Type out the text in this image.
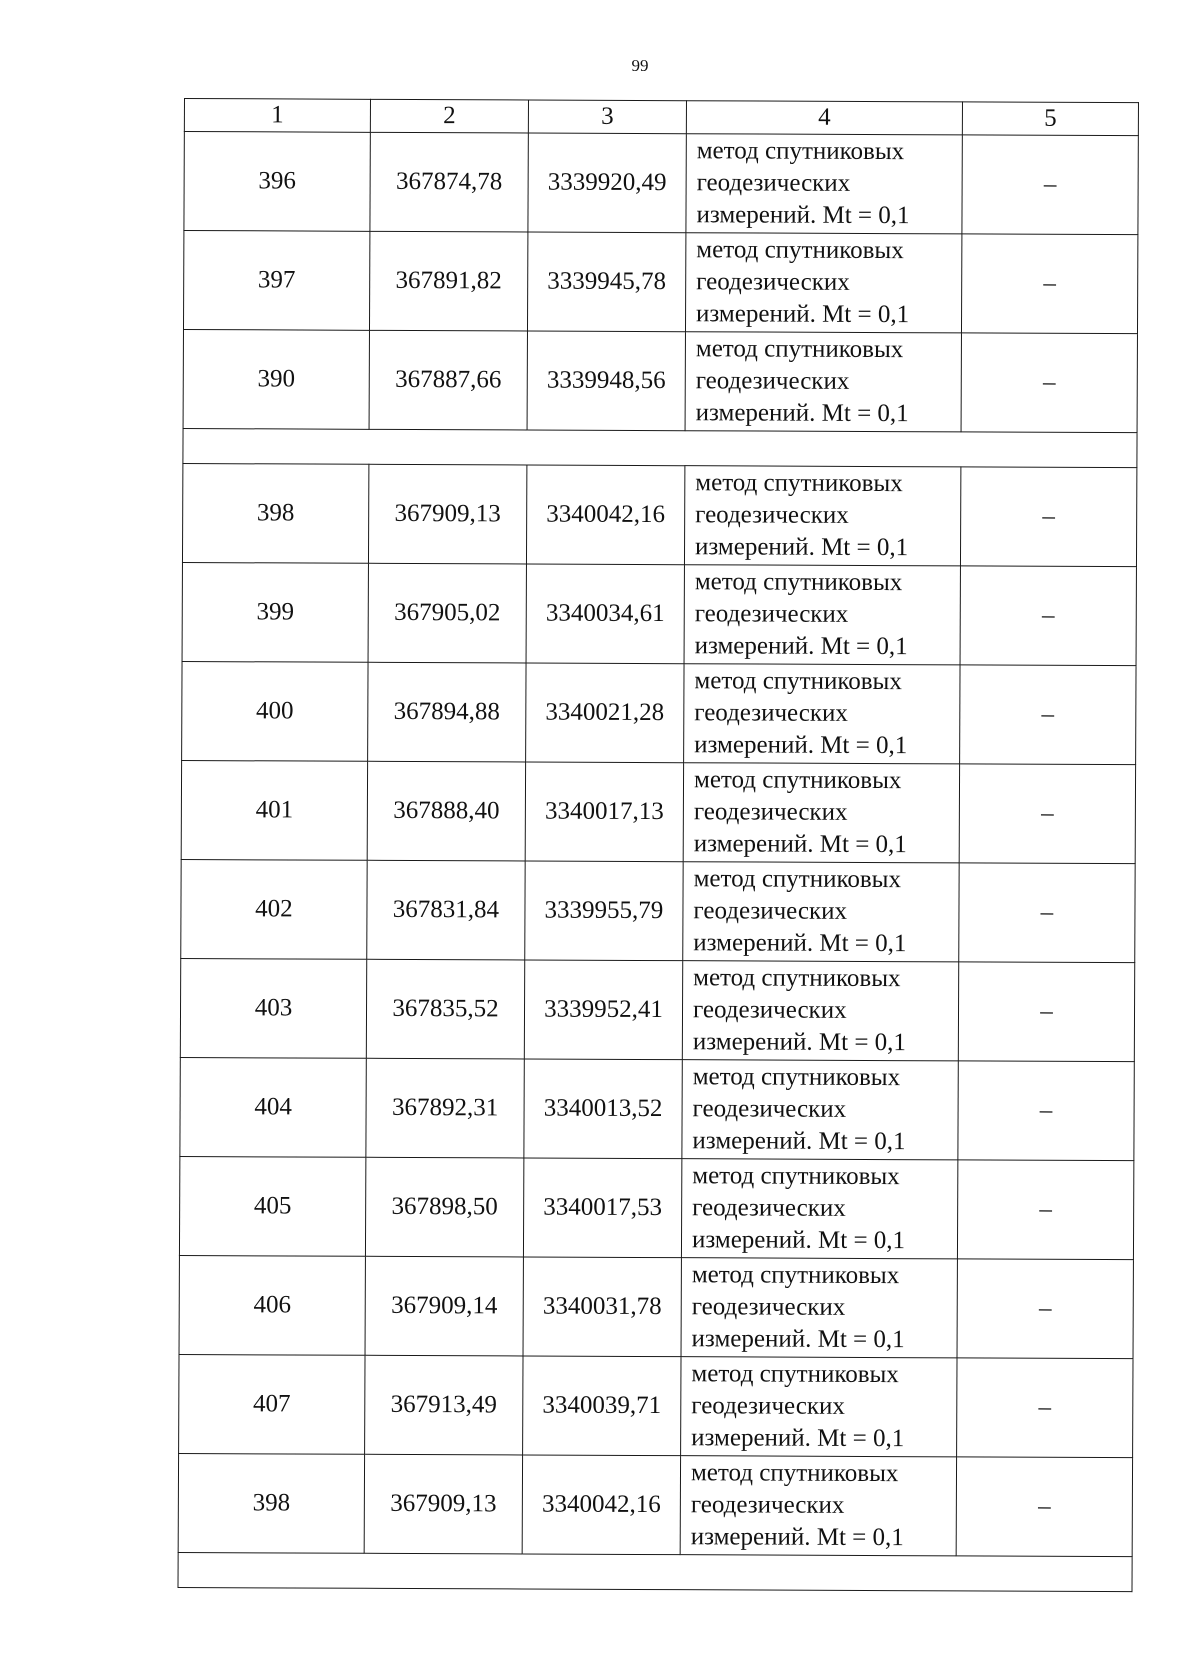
99
1	2	3	4	5
396	367874,78	3339920,49	метод спутниковых
геодезических
измерений. Mt = 0,1	–
397	367891,82	3339945,78	метод спутниковых
геодезических
измерений. Mt = 0,1	–
390	367887,66	3339948,56	метод спутниковых
геодезических
измерений. Mt = 0,1	–

398	367909,13	3340042,16	метод спутниковых
геодезических
измерений. Mt = 0,1	–
399	367905,02	3340034,61	метод спутниковых
геодезических
измерений. Mt = 0,1	–
400	367894,88	3340021,28	метод спутниковых
геодезических
измерений. Mt = 0,1	–
401	367888,40	3340017,13	метод спутниковых
геодезических
измерений. Mt = 0,1	–
402	367831,84	3339955,79	метод спутниковых
геодезических
измерений. Mt = 0,1	–
403	367835,52	3339952,41	метод спутниковых
геодезических
измерений. Mt = 0,1	–
404	367892,31	3340013,52	метод спутниковых
геодезических
измерений. Mt = 0,1	–
405	367898,50	3340017,53	метод спутниковых
геодезических
измерений. Mt = 0,1	–
406	367909,14	3340031,78	метод спутниковых
геодезических
измерений. Mt = 0,1	–
407	367913,49	3340039,71	метод спутниковых
геодезических
измерений. Mt = 0,1	–
398	367909,13	3340042,16	метод спутниковых
геодезических
измерений. Mt = 0,1	–
